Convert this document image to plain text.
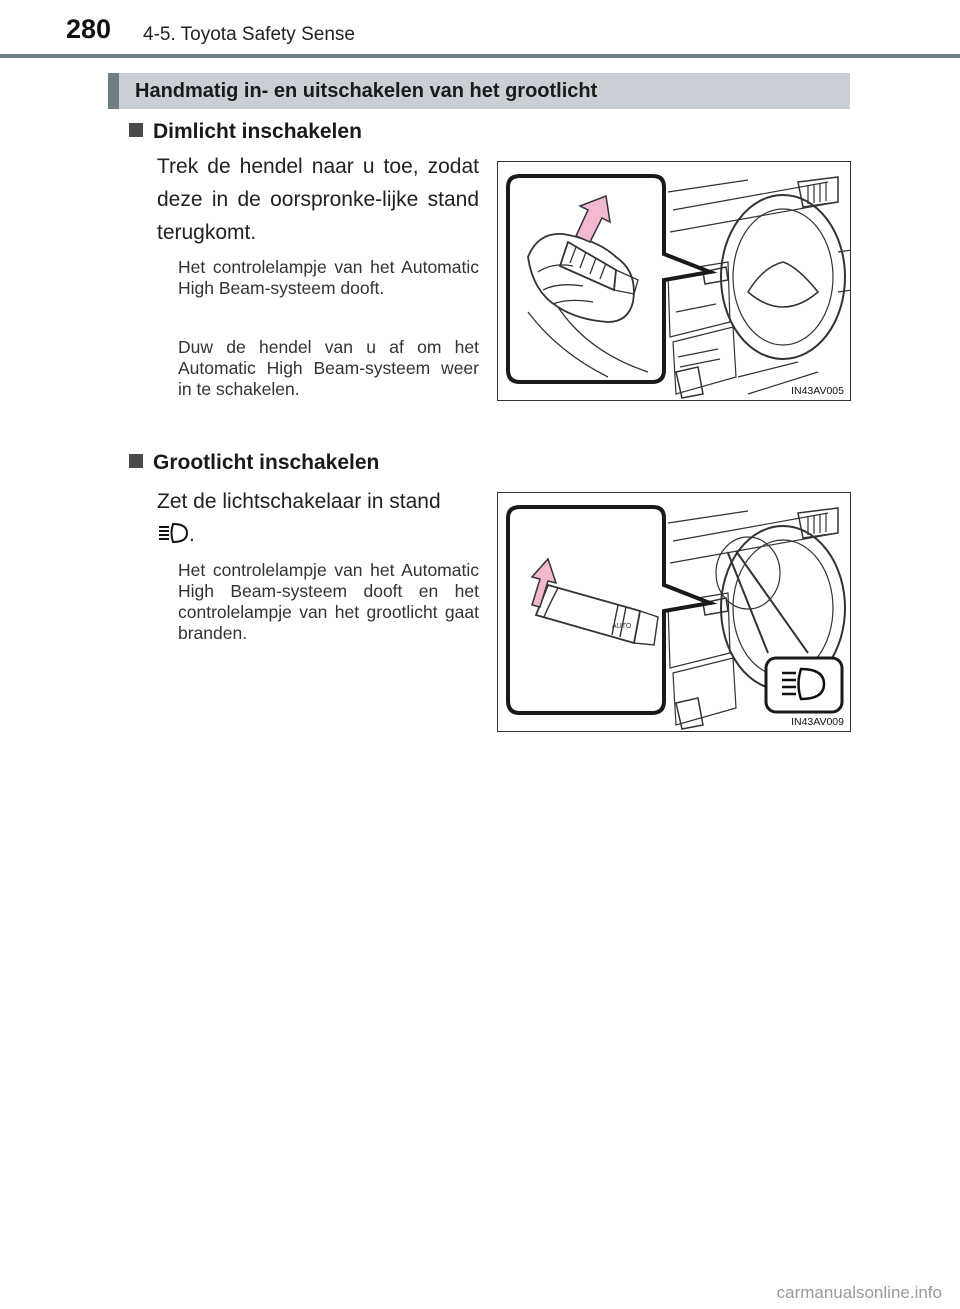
280 4-5. Toyota Safety Sense
Handmatig in- en uitschakelen van het grootlicht
Dimlicht inschakelen
Trek de hendel naar u toe, zodat deze in de oorspronke-lijke stand terugkomt.
Het controlelampje van het Automatic High Beam-systeem dooft.
Duw de hendel van u af om het Automatic High Beam-systeem weer in te schakelen.	IN43AV005
Grootlicht inschakelen
Zet de lichtschakelaar in stand
.
Het controlelampje van het Automatic High Beam-systeem dooft en het controlelampje van het grootlicht gaat branden.	AUTO
IN43AV009
carmanualsonline.info
